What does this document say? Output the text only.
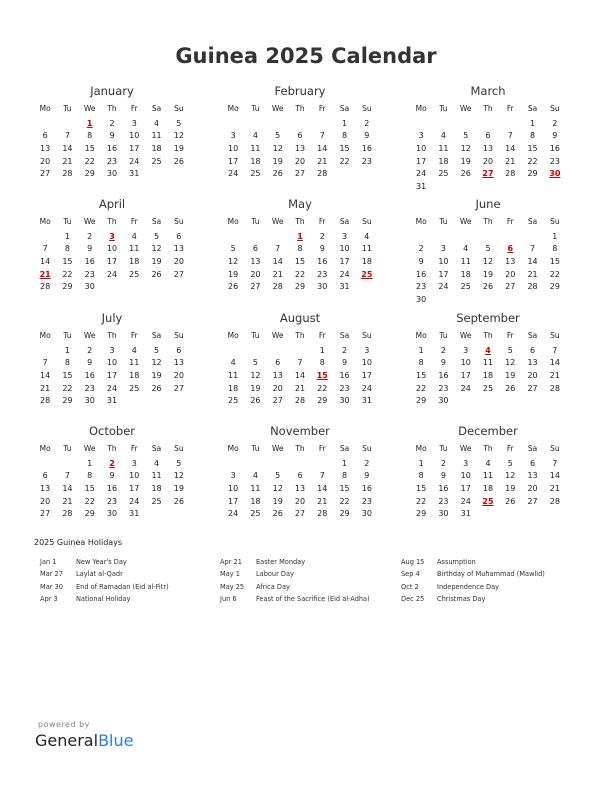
Guinea 2025 Calendar
January
Mo	Tu	We	Th	Fr	Sa	Su
		1	2	3	4	5
6	7	8	9	10	11	12
13	14	15	16	17	18	19
20	21	22	23	24	25	26
27	28	29	30	31		
February
Mo	Tu	We	Th	Fr	Sa	Su
					1	2
3	4	5	6	7	8	9
10	11	12	13	14	15	16
17	18	19	20	21	22	23
24	25	26	27	28		
March
Mo	Tu	We	Th	Fr	Sa	Su
					1	2
3	4	5	6	7	8	9
10	11	12	13	14	15	16
17	18	19	20	21	22	23
24	25	26	27	28	29	30
31						
April
Mo	Tu	We	Th	Fr	Sa	Su
	1	2	3	4	5	6
7	8	9	10	11	12	13
14	15	16	17	18	19	20
21	22	23	24	25	26	27
28	29	30				
May
Mo	Tu	We	Th	Fr	Sa	Su
			1	2	3	4
5	6	7	8	9	10	11
12	13	14	15	16	17	18
19	20	21	22	23	24	25
26	27	28	29	30	31	
June
Mo	Tu	We	Th	Fr	Sa	Su
						1
2	3	4	5	6	7	8
9	10	11	12	13	14	15
16	17	18	19	20	21	22
23	24	25	26	27	28	29
30						
July
Mo	Tu	We	Th	Fr	Sa	Su
	1	2	3	4	5	6
7	8	9	10	11	12	13
14	15	16	17	18	19	20
21	22	23	24	25	26	27
28	29	30	31			
August
Mo	Tu	We	Th	Fr	Sa	Su
				1	2	3
4	5	6	7	8	9	10
11	12	13	14	15	16	17
18	19	20	21	22	23	24
25	26	27	28	29	30	31
September
Mo	Tu	We	Th	Fr	Sa	Su
1	2	3	4	5	6	7
8	9	10	11	12	13	14
15	16	17	18	19	20	21
22	23	24	25	26	27	28
29	30					
October
Mo	Tu	We	Th	Fr	Sa	Su
		1	2	3	4	5
6	7	8	9	10	11	12
13	14	15	16	17	18	19
20	21	22	23	24	25	26
27	28	29	30	31		
November
Mo	Tu	We	Th	Fr	Sa	Su
					1	2
3	4	5	6	7	8	9
10	11	12	13	14	15	16
17	18	19	20	21	22	23
24	25	26	27	28	29	30
December
Mo	Tu	We	Th	Fr	Sa	Su
1	2	3	4	5	6	7
8	9	10	11	12	13	14
15	16	17	18	19	20	21
22	23	24	25	26	27	28
29	30	31				
2025 Guinea Holidays
Jan 1	New Year's Day
Mar 27 Laylat al-Qadr
Mar 30 End of Ramadan (Eid al-Fitr)
Apr 3	National Holiday
Apr 21 Easter Monday
May 1 Labour Day
May 25 Africa Day
Jun 6	Feast of the Sacrifice (Eid al-Adha)
Aug 15 Assumption
Sep 4	Birthday of Muhammad (Mawlid)
Oct 2	Independence Day
Dec 25 Christmas Day
powered by
GeneralBlue
